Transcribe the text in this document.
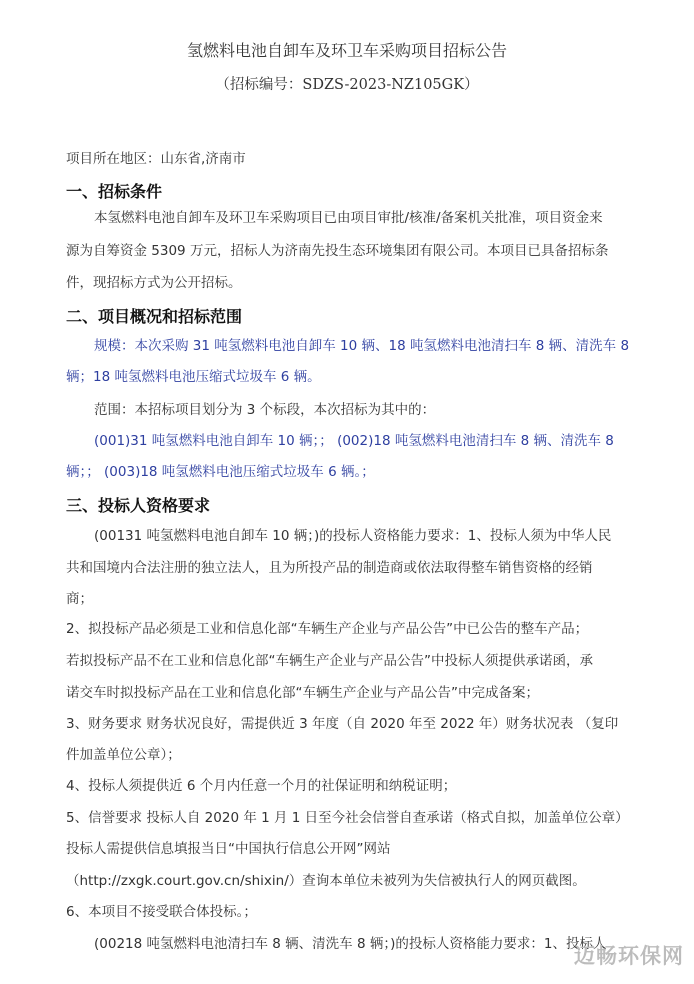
氢燃料电池自卸车及环卫车采购项目招标公告
（招标编号：SDZS-2023-NZ105GK）
项目所在地区：山东省,济南市
一、招标条件
本氢燃料电池自卸车及环卫车采购项目已由项目审批/核准/备案机关批准，项目资金来
源为自筹资金 5309 万元，招标人为济南先投生态环境集团有限公司。本项目已具备招标条
件，现招标方式为公开招标。
二、项目概况和招标范围
规模：本次采购 31 吨氢燃料电池自卸车 10 辆、18 吨氢燃料电池清扫车 8 辆、清洗车 8
辆；18 吨氢燃料电池压缩式垃圾车 6 辆。
范围：本招标项目划分为 3 个标段，本次招标为其中的：
(001)31 吨氢燃料电池自卸车 10 辆；； (002)18 吨氢燃料电池清扫车 8 辆、清洗车 8
辆；； (003)18 吨氢燃料电池压缩式垃圾车 6 辆。；
三、投标人资格要求
(00131 吨氢燃料电池自卸车 10 辆；)的投标人资格能力要求：1、投标人须为中华人民
共和国境内合法注册的独立法人，且为所投产品的制造商或依法取得整车销售资格的经销
商；
2、拟投标产品必须是工业和信息化部“车辆生产企业与产品公告”中已公告的整车产品；
若拟投标产品不在工业和信息化部“车辆生产企业与产品公告”中投标人须提供承诺函，承
诺交车时拟投标产品在工业和信息化部“车辆生产企业与产品公告”中完成备案；
3、财务要求 财务状况良好，需提供近 3 年度（自 2020 年至 2022 年）财务状况表 （复印
件加盖单位公章）；
4、投标人须提供近 6 个月内任意一个月的社保证明和纳税证明；
5、信誉要求 投标人自 2020 年 1 月 1 日至今社会信誉自查承诺（格式自拟，加盖单位公章）
投标人需提供信息填报当日“中国执行信息公开网”网站
（http://zxgk.court.gov.cn/shixin/）查询本单位未被列为失信被执行人的网页截图。
6、本项目不接受联合体投标。；
(00218 吨氢燃料电池清扫车 8 辆、清洗车 8 辆；)的投标人资格能力要求：1、投标人
迈畅环保网
